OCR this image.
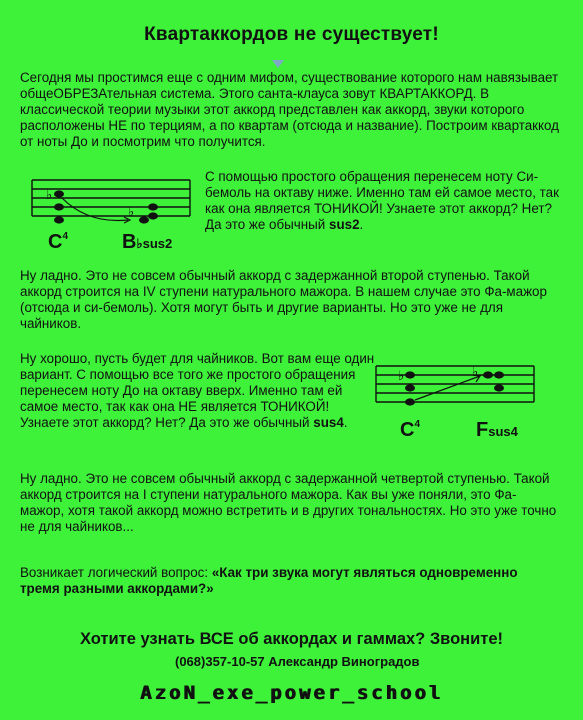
Квартаккордов не существует!

Сегодня мы простимся еще с одним мифом, существование которого нам навязывает общеОБРЕЗАтельная система. Этого санта-клауса зовут КВАРТАККОРД. В классической теории музыки этот аккорд представлен как аккорд, звуки которого расположены НЕ по терциям, а по квартам (отсюда и название). Построим квартаккод от ноты До и посмотрим что получится.

♭
♭
$C^4$	B♭sus2

С помощью простого обращения перенесем ноту Си-бемоль на октаву ниже. Именно там ей самое место, так как она является ТОНИКОЙ! Узнаете этот аккорд? Нет? Да это же обычный sus2.

Ну ладно. Это не совсем обычный аккорд с задержанной второй ступенью. Такой аккорд строится на IV ступени натурального мажора. В нашем случае это Фа-мажор (отсюда и си-бемоль). Хотя могут быть и другие варианты. Но это уже не для чайников.

Ну хорошо, пусть будет для чайников. Вот вам еще один вариант. С помощью все того же простого обращения перенесем ноту До на октаву вверх. Именно там ей самое место, так как она НЕ является ТОНИКОЙ! Узнаете этот аккорд? Нет? Да это же обычный sus4.

♭	♭
$C^4$	Fsus4

Ну ладно. Это не совсем обычный аккорд с задержанной четвертой ступенью. Такой аккорд строится на I ступени натурального мажора. Как вы уже поняли, это Фа-мажор, хотя такой аккорд можно встретить и в других тональностях. Но это уже точно не для чайников...

Возникает логический вопрос: «Как три звука могут являться одновременно тремя разными аккордами?»

Хотите узнать ВСЕ об аккордах и гаммах? Звоните!
(068)357-10-57 Александр Виноградов
AzoN_exe_power_school
